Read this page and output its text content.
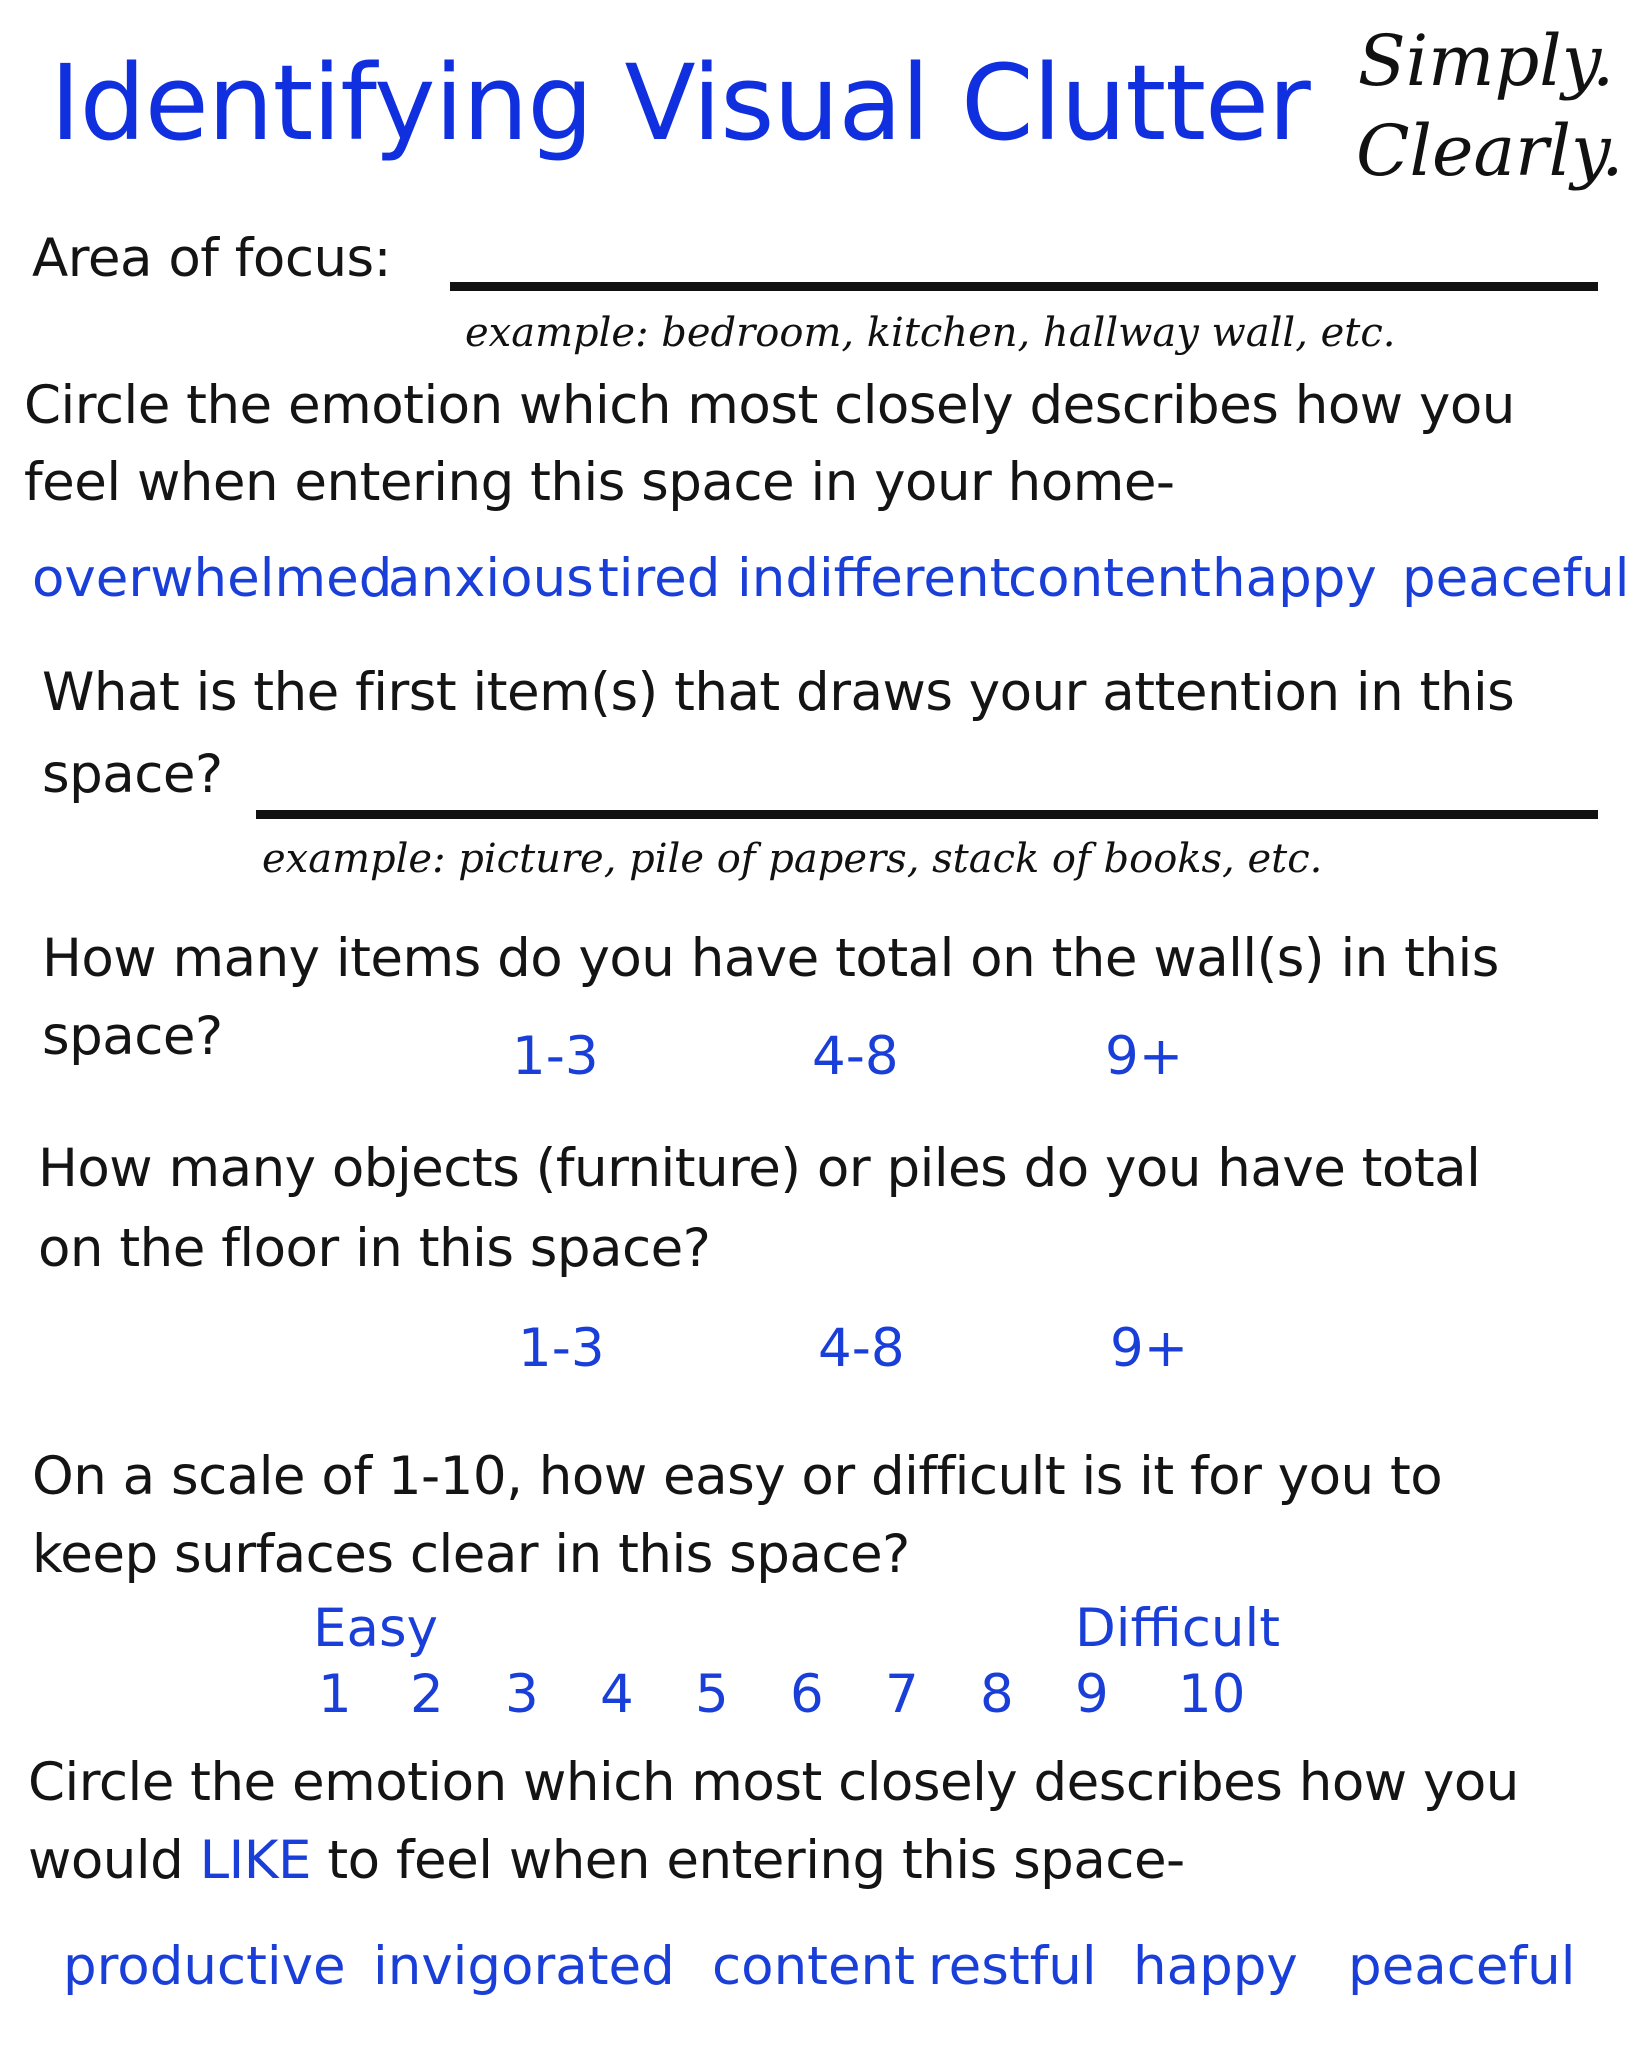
Identifying Visual Clutter Simply.
Clearly.
Area of focus:
example: bedroom, kitchen, hallway wall, etc.
Circle the emotion which most closely describes how you
feel when entering this space in your home-
overwhelmed
anxious tired indifferent
content happy peaceful
What is the first item(s) that draws your attention in this
space?
example: picture, pile of papers, stack of books, etc.
How many items do you have total on the wall(s) in this
space?	1-3	4-8	9+
How many objects (furniture) or piles do you have total
on the floor in this space?
1-3	4-8	9+
On a scale of 1-10, how easy or difficult is it for you to
keep surfaces clear in this space?
Easy	Difficult
1 2 3 4 5 6 7 8 9 10
Circle the emotion which most closely describes how you
would LIKE to feel when entering this space-
productive invigorated content restful happy peaceful
